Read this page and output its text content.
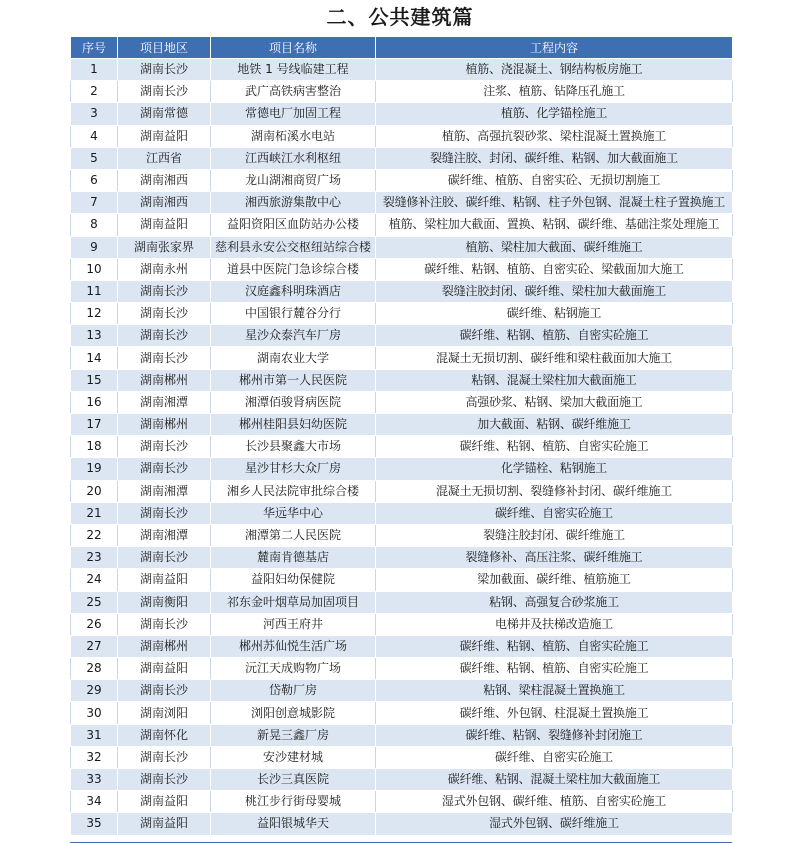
二、公共建筑篇
序号	项目地区	项目名称	工程内容
1	湖南长沙	地铁 1 号线临建工程	植筋、浇混凝土、钢结构板房施工
2	湖南长沙	武广高铁病害整治	注浆、植筋、钻降压孔施工
3	湖南常德	常德电厂加固工程	植筋、化学锚栓施工
4	湖南益阳	湖南柘溪水电站	植筋、高强抗裂砂浆、梁柱混凝土置换施工
5	江西省	江西峡江水利枢纽	裂缝注胶、封闭、碳纤维、粘钢、加大截面施工
6	湖南湘西	龙山湖湘商贸广场	碳纤维、植筋、自密实砼、无损切割施工
7	湖南湘西	湘西旅游集散中心	裂缝修补注胶、碳纤维、粘钢、柱子外包钢、混凝土柱子置换施工
8	湖南益阳	益阳资阳区血防站办公楼	植筋、梁柱加大截面、置换、粘钢、碳纤维、基础注浆处理施工
9	湖南张家界	慈利县永安公交枢纽站综合楼	植筋、梁柱加大截面、碳纤维施工
10	湖南永州	道县中医院门急诊综合楼	碳纤维、粘钢、植筋、自密实砼、梁截面加大施工
11	湖南长沙	汉庭鑫科明珠酒店	裂缝注胶封闭、碳纤维、梁柱加大截面施工
12	湖南长沙	中国银行麓谷分行	碳纤维、粘钢施工
13	湖南长沙	星沙众泰汽车厂房	碳纤维、粘钢、植筋、自密实砼施工
14	湖南长沙	湖南农业大学	混凝土无损切割、碳纤维和梁柱截面加大施工
15	湖南郴州	郴州市第一人民医院	粘钢、混凝土梁柱加大截面施工
16	湖南湘潭	湘潭佰骏肾病医院	高强砂浆、粘钢、梁加大截面施工
17	湖南郴州	郴州桂阳县妇幼医院	加大截面、粘钢、碳纤维施工
18	湖南长沙	长沙县聚鑫大市场	碳纤维、粘钢、植筋、自密实砼施工
19	湖南长沙	星沙甘杉大众厂房	化学锚栓、粘钢施工
20	湖南湘潭	湘乡人民法院审批综合楼	混凝土无损切割、裂缝修补封闭、碳纤维施工
21	湖南长沙	华远华中心	碳纤维、自密实砼施工
22	湖南湘潭	湘潭第二人民医院	裂缝注胶封闭、碳纤维施工
23	湖南长沙	麓南肯德基店	裂缝修补、高压注浆、碳纤维施工
24	湖南益阳	益阳妇幼保健院	梁加截面、碳纤维、植筋施工
25	湖南衡阳	祁东金叶烟草局加固项目	粘钢、高强复合砂浆施工
26	湖南长沙	河西王府井	电梯井及扶梯改造施工
27	湖南郴州	郴州苏仙悦生活广场	碳纤维、粘钢、植筋、自密实砼施工
28	湖南益阳	沅江天成购物广场	碳纤维、粘钢、植筋、自密实砼施工
29	湖南长沙	岱勒厂房	粘钢、梁柱混凝土置换施工
30	湖南浏阳	浏阳创意城影院	碳纤维、外包钢、柱混凝土置换施工
31	湖南怀化	新晃三鑫厂房	碳纤维、粘钢、裂缝修补封闭施工
32	湖南长沙	安沙建材城	碳纤维、自密实砼施工
33	湖南长沙	长沙三真医院	碳纤维、粘钢、混凝土梁柱加大截面施工
34	湖南益阳	桃江步行街母婴城	湿式外包钢、碳纤维、植筋、自密实砼施工
35	湖南益阳	益阳银城华天	湿式外包钢、碳纤维施工
